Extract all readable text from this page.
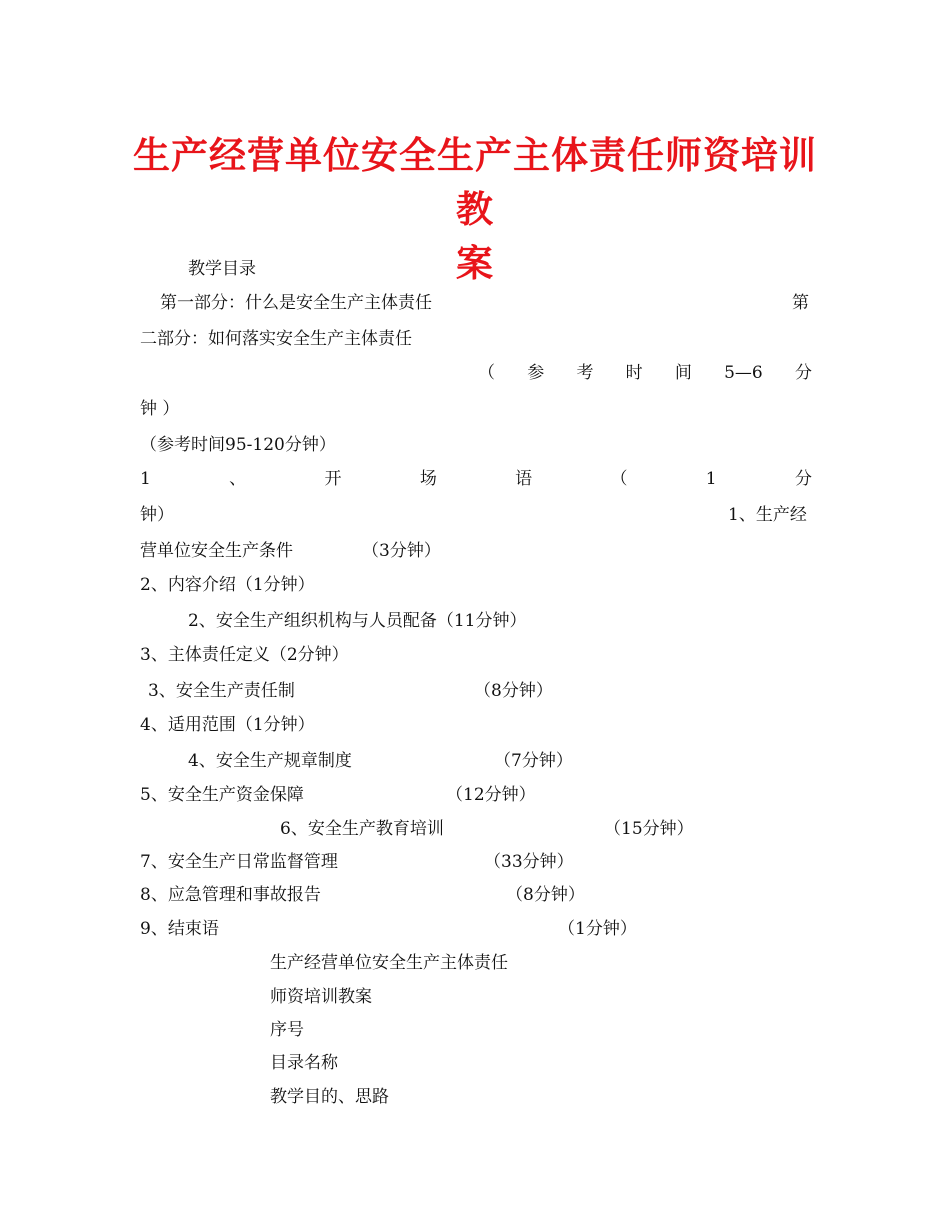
生产经营单位安全生产主体责任师资培训教
案
教学目录
第一部分：什么是安全生产主体责任	第
二部分：如何落实安全生产主体责任
（ 参 考 时 间 5—6 分
钟 ）
（参考时间95-120分钟）
1	、	开	场	语	（	1	分
钟）	1、生产经
营单位安全生产条件	（3分钟）
2、内容介绍（1分钟）
2、安全生产组织机构与人员配备（11分钟）
3、主体责任定义（2分钟）
3、安全生产责任制	（8分钟）
4、适用范围（1分钟）
4、安全生产规章制度	（7分钟）
5、安全生产资金保障	（12分钟）
6、安全生产教育培训	（15分钟）
7、安全生产日常监督管理	（33分钟）
8、应急管理和事故报告	（8分钟）
9、结束语	（1分钟）
生产经营单位安全生产主体责任
师资培训教案
序号
目录名称
教学目的、思路
